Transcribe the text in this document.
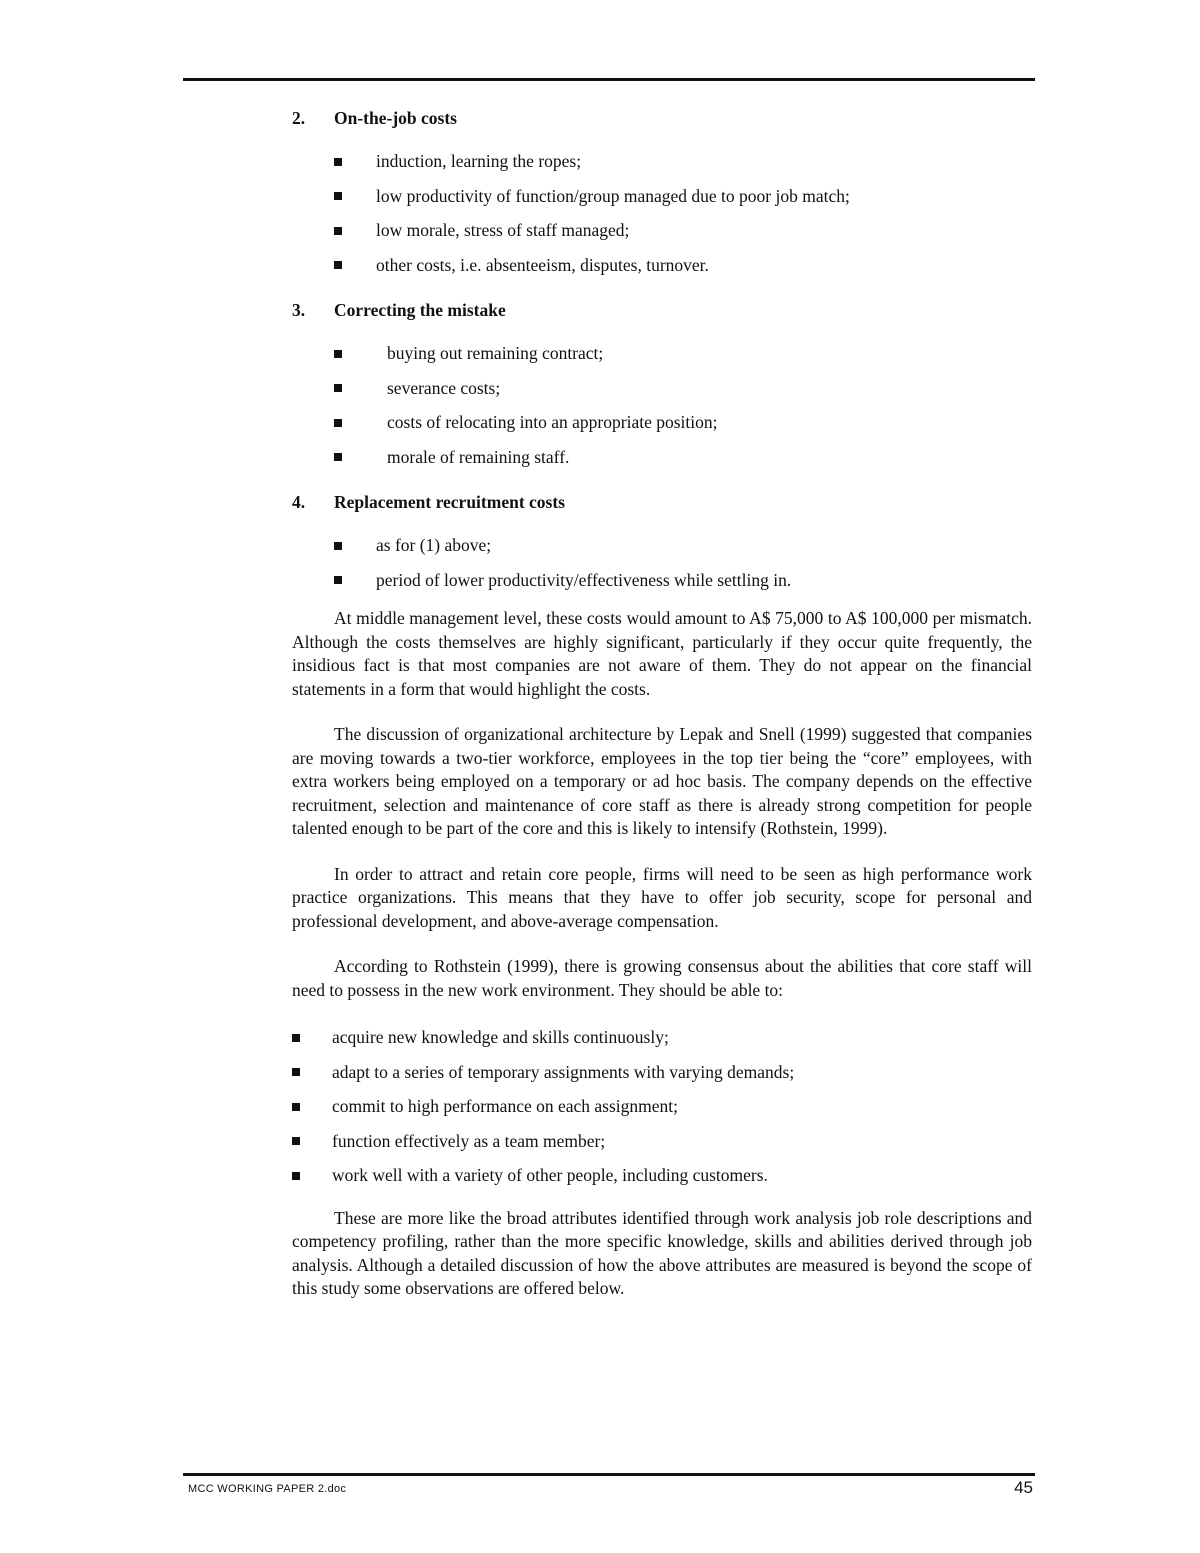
2.	On-the-job costs
induction, learning the ropes;
low productivity of function/group managed due to poor job match;
low morale, stress of staff managed;
other costs, i.e. absenteeism, disputes, turnover.
3.	Correcting the mistake
buying out remaining contract;
severance costs;
costs of relocating into an appropriate position;
morale of remaining staff.
4.	Replacement recruitment costs
as for (1) above;
period of lower productivity/effectiveness while settling in.

At middle management level, these costs would amount to A$ 75,000 to A$ 100,000 per mismatch. Although the costs themselves are highly significant, particularly if they occur quite frequently, the insidious fact is that most companies are not aware of them. They do not appear on the financial statements in a form that would highlight the costs.

The discussion of organizational architecture by Lepak and Snell (1999) suggested that companies are moving towards a two-tier workforce, employees in the top tier being the “core” employees, with extra workers being employed on a temporary or ad hoc basis. The company depends on the effective recruitment, selection and maintenance of core staff as there is already strong competition for people talented enough to be part of the core and this is likely to intensify (Rothstein, 1999).

In order to attract and retain core people, firms will need to be seen as high performance work practice organizations. This means that they have to offer job security, scope for personal and professional development, and above-average compensation.

According to Rothstein (1999), there is growing consensus about the abilities that core staff will need to possess in the new work environment. They should be able to:

acquire new knowledge and skills continuously;
adapt to a series of temporary assignments with varying demands;
commit to high performance on each assignment;
function effectively as a team member;
work well with a variety of other people, including customers.

These are more like the broad attributes identified through work analysis job role descriptions and competency profiling, rather than the more specific knowledge, skills and abilities derived through job analysis. Although a detailed discussion of how the above attributes are measured is beyond the scope of this study some observations are offered below.

MCC WORKING PAPER 2.doc	45
